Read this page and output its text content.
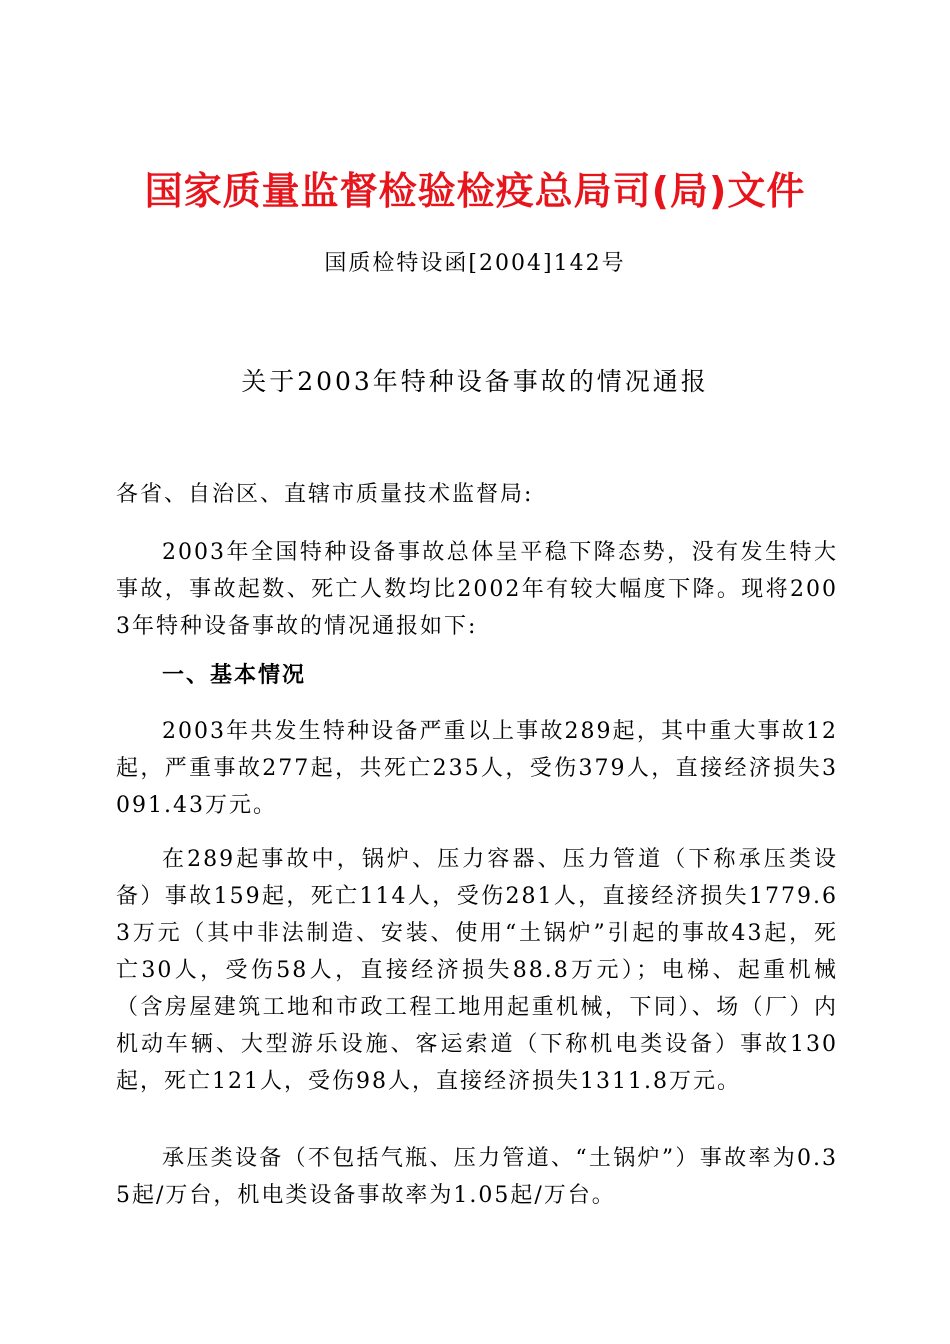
国家质量监督检验检疫总局司(局)文件
国质检特设函[2004]142号
关于2003年特种设备事故的情况通报
各省、自治区、直辖市质量技术监督局:
2003年全国特种设备事故总体呈平稳下降态势，没有发生特大事故，事故起数、死亡人数均比2002年有较大幅度下降。现将2003年特种设备事故的情况通报如下:
一、基本情况
2003年共发生特种设备严重以上事故289起，其中重大事故12起，严重事故277起，共死亡235人，受伤379人，直接经济损失3091.43万元。
在289起事故中，锅炉、压力容器、压力管道（下称承压类设备）事故159起，死亡114人，受伤281人，直接经济损失1779.63万元（其中非法制造、安装、使用“土锅炉”引起的事故43起，死亡30人，受伤58人，直接经济损失88.8万元）；电梯、起重机械（含房屋建筑工地和市政工程工地用起重机械，下同）、场（厂）内机动车辆、大型游乐设施、客运索道（下称机电类设备）事故130起，死亡121人，受伤98人，直接经济损失1311.8万元。
承压类设备（不包括气瓶、压力管道、“土锅炉”）事故率为0.35起/万台，机电类设备事故率为1.05起/万台。
